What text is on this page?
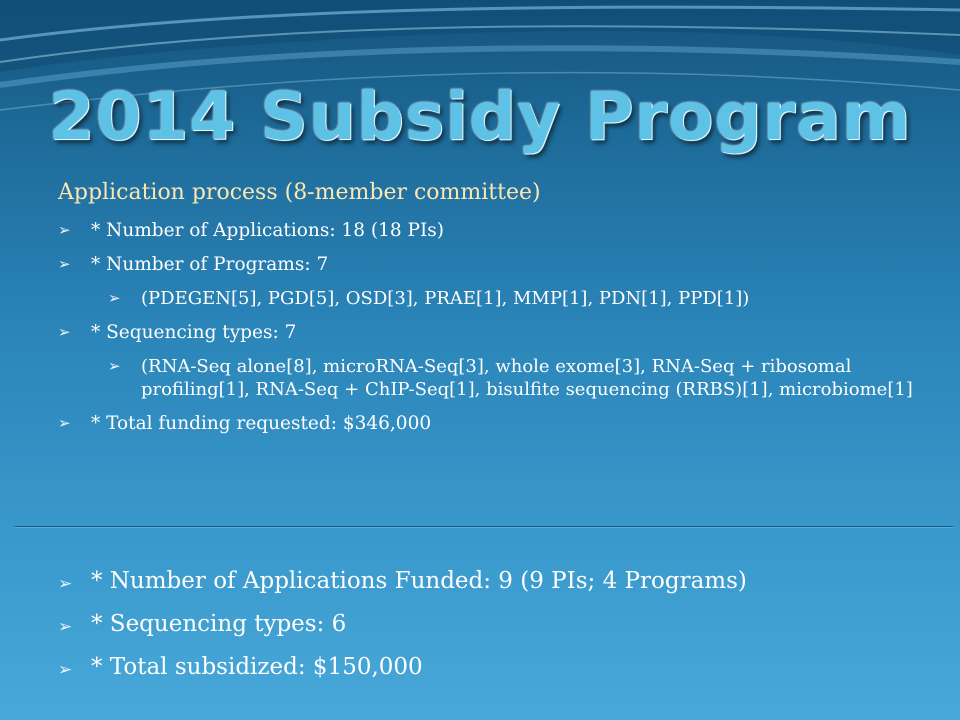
2014 Subsidy Program
Application process (8-member committee)
➢ * Number of Applications: 18 (18 PIs)
➢ * Number of Programs: 7
➢ (PDEGEN[5], PGD[5], OSD[3], PRAE[1], MMP[1], PDN[1], PPD[1])
➢ * Sequencing types: 7
➢ (RNA-Seq alone[8], microRNA-Seq[3], whole exome[3], RNA-Seq + ribosomal profiling[1], RNA-Seq + ChIP-Seq[1], bisulfite sequencing (RRBS)[1], microbiome[1]
➢ * Total funding requested: $346,000
➢ * Number of Applications Funded: 9 (9 PIs; 4 Programs)
➢ * Sequencing types: 6
➢ * Total subsidized: $150,000
